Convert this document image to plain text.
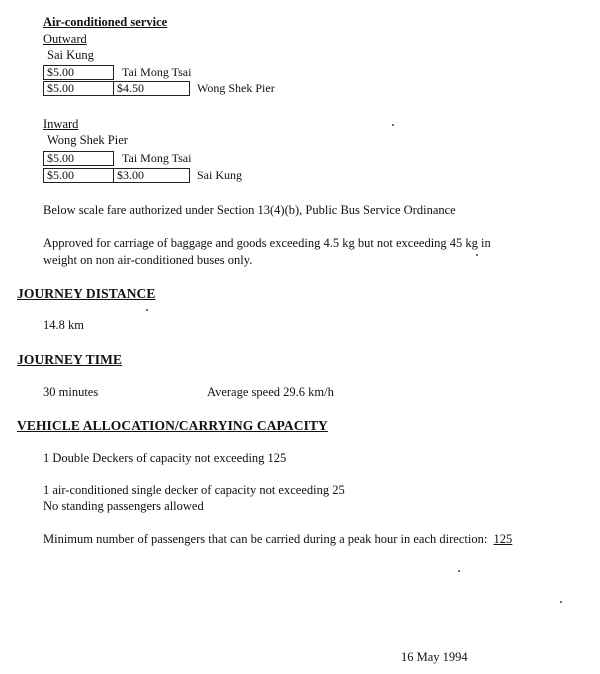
Air-conditioned service
Outward
Sai Kung
$5.00	Tai Mong Tsai
$5.00	$4.50	Wong Shek Pier
Inward
Wong Shek Pier
$5.00	Tai Mong Tsai
$5.00	$3.00	Sai Kung
Below scale fare authorized under Section 13(4)(b), Public Bus Service Ordinance
Approved for carriage of baggage and goods exceeding 4.5 kg but not exceeding 45 kg in
weight on non air-conditioned buses only.
JOURNEY DISTANCE
14.8 km
JOURNEY TIME
30 minutes	Average speed 29.6 km/h
VEHICLE ALLOCATION/CARRYING CAPACITY
1 Double Deckers of capacity not exceeding 125
1 air-conditioned single decker of capacity not exceeding 25
No standing passengers allowed
Minimum number of passengers that can be carried during a peak hour in each direction: 125
16 May 1994
